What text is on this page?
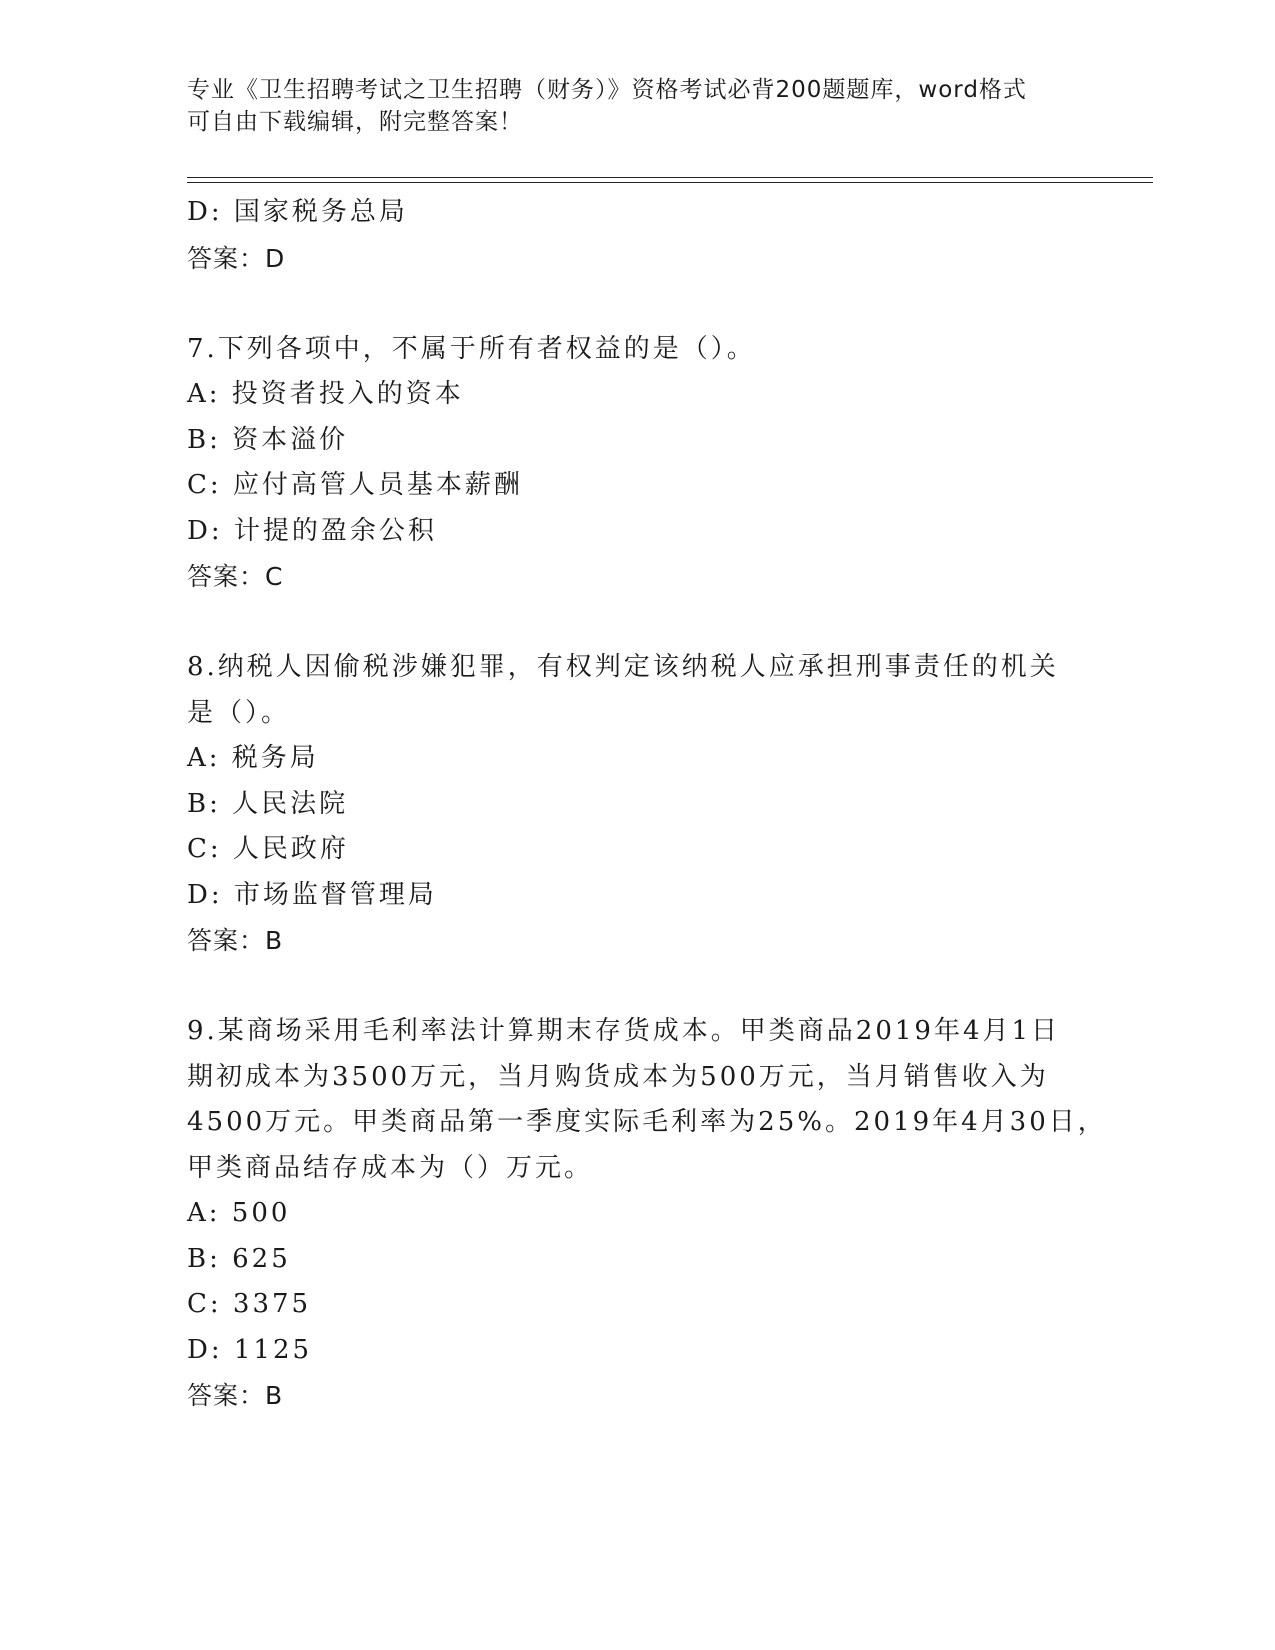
专业《卫生招聘考试之卫生招聘（财务）》资格考试必背200题题库，word格式
可自由下载编辑，附完整答案！
D: 国家税务总局
答案：D
7.下列各项中，不属于所有者权益的是（）。
A: 投资者投入的资本
B: 资本溢价
C: 应付高管人员基本薪酬
D: 计提的盈余公积
答案：C
8.纳税人因偷税涉嫌犯罪，有权判定该纳税人应承担刑事责任的机关
是（）。
A: 税务局
B: 人民法院
C: 人民政府
D: 市场监督管理局
答案：B
9.某商场采用毛利率法计算期末存货成本。甲类商品2019年4月1日
期初成本为3500万元，当月购货成本为500万元，当月销售收入为
4500万元。甲类商品第一季度实际毛利率为25%。2019年4月30日，
甲类商品结存成本为（）万元。
A: 500
B: 625
C: 3375
D: 1125
答案：B
